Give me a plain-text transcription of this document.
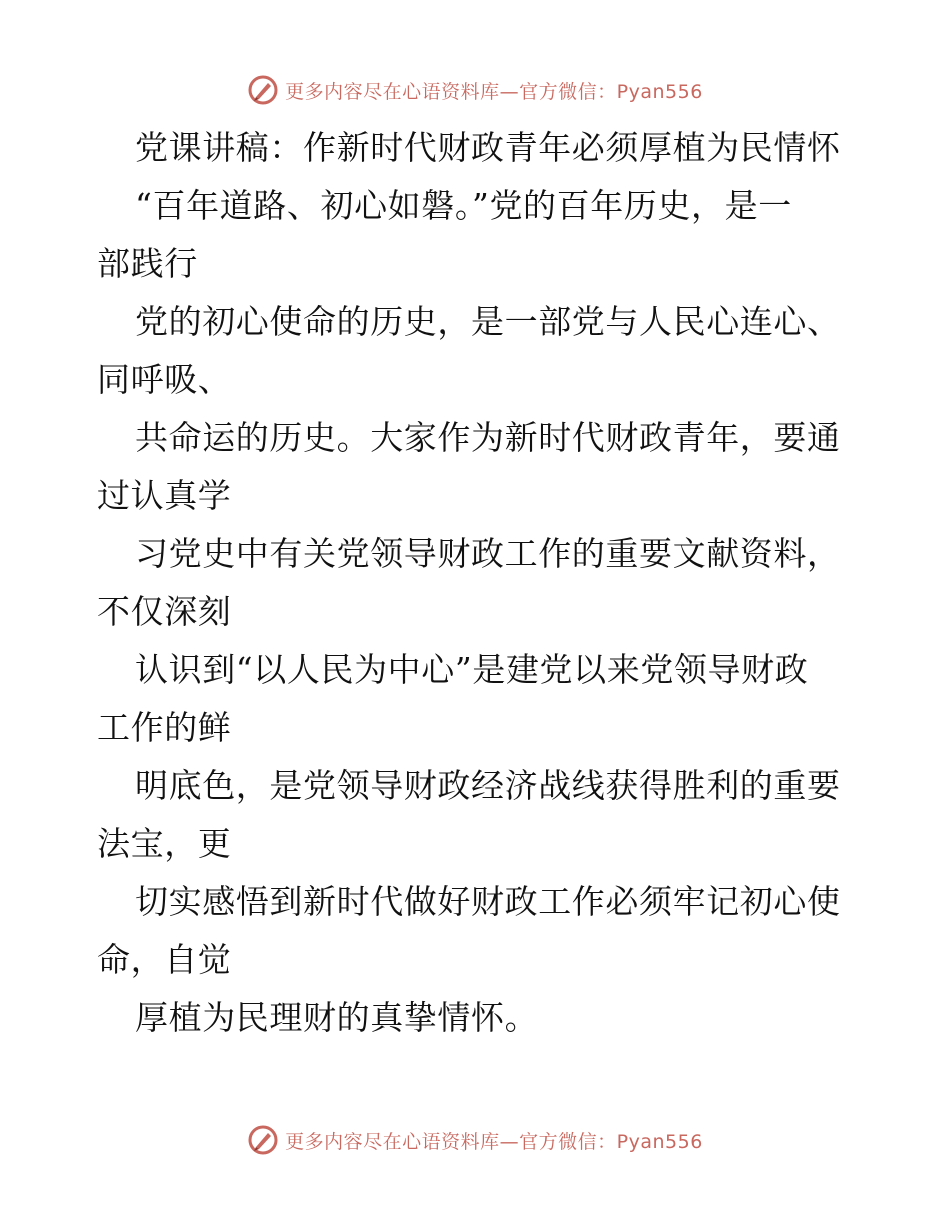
更多内容尽在心语资料库—官方微信：Pyan556
党课讲稿：作新时代财政青年必须厚植为民情怀
“百年道路、初心如磐。”党的百年历史，是一
部践行
党的初心使命的历史，是一部党与人民心连心、
同呼吸、
共命运的历史。大家作为新时代财政青年，要通
过认真学
习党史中有关党领导财政工作的重要文献资料，
不仅深刻
认识到“以人民为中心”是建党以来党领导财政
工作的鲜
明底色，是党领导财政经济战线获得胜利的重要
法宝，更
切实感悟到新时代做好财政工作必须牢记初心使
命，自觉
厚植为民理财的真挚情怀。
更多内容尽在心语资料库—官方微信：Pyan556
